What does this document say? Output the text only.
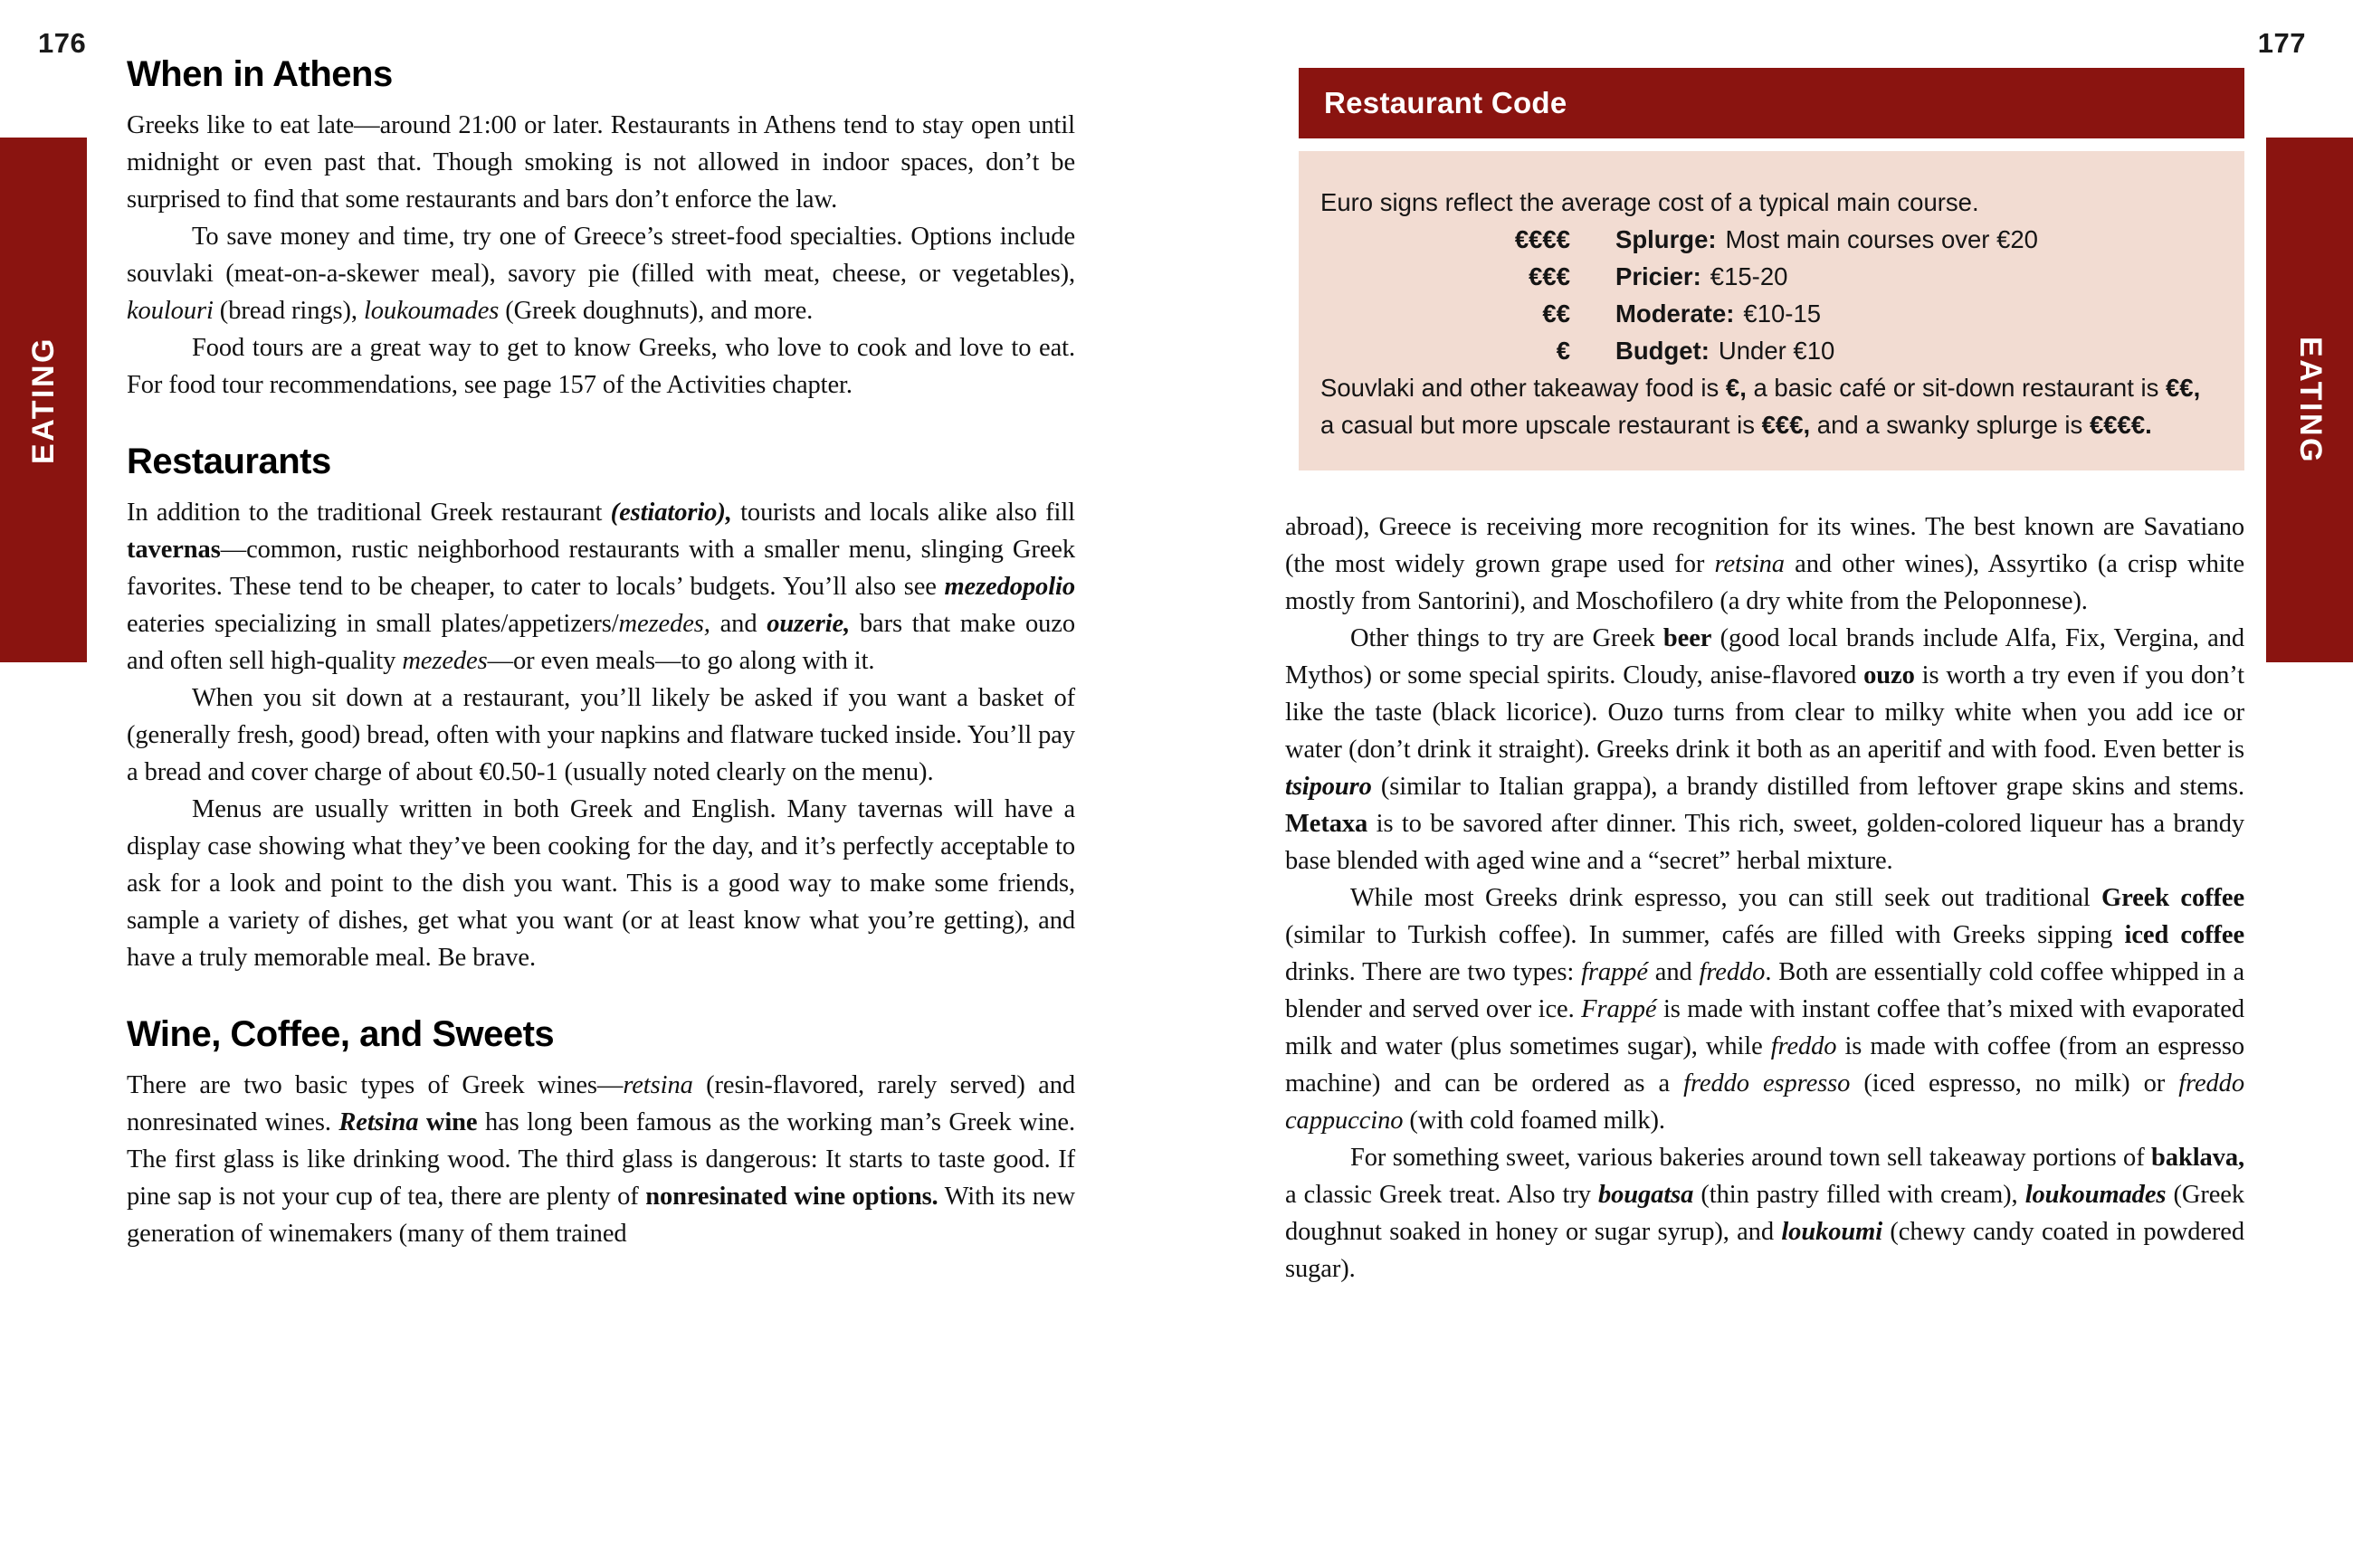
176	177
EATING	EATING
When in Athens

Greeks like to eat late—around 21:00 or later. Restaurants in Athens tend to stay open until midnight or even past that. Though smoking is not allowed in indoor spaces, don’t be surprised to find that some restaurants and bars don’t enforce the law.

To save money and time, try one of Greece’s street-food specialties. Options include souvlaki (meat-on-a-skewer meal), savory pie (filled with meat, cheese, or vegetables), koulouri (bread rings), loukoumades (Greek doughnuts), and more.

Food tours are a great way to get to know Greeks, who love to cook and love to eat. For food tour recommendations, see page 157 of the Activities chapter.

Restaurants

In addition to the traditional Greek restaurant (estiatorio), tourists and locals alike also fill tavernas—common, rustic neighborhood restaurants with a smaller menu, slinging Greek favorites. These tend to be cheaper, to cater to locals’ budgets. You’ll also see mezedopolio eateries specializing in small plates/appetizers/mezedes, and ouzerie, bars that make ouzo and often sell high-quality mezedes—or even meals—to go along with it.

When you sit down at a restaurant, you’ll likely be asked if you want a basket of (generally fresh, good) bread, often with your napkins and flatware tucked inside. You’ll pay a bread and cover charge of about €0.50-1 (usually noted clearly on the menu).

Menus are usually written in both Greek and English. Many tavernas will have a display case showing what they’ve been cooking for the day, and it’s perfectly acceptable to ask for a look and point to the dish you want. This is a good way to make some friends, sample a variety of dishes, get what you want (or at least know what you’re getting), and have a truly memorable meal. Be brave.

Wine, Coffee, and Sweets

There are two basic types of Greek wines—retsina (resin-flavored, rarely served) and nonresinated wines. Retsina wine has long been famous as the working man’s Greek wine. The first glass is like drinking wood. The third glass is dangerous: It starts to taste good. If pine sap is not your cup of tea, there are plenty of nonresinated wine options. With its new generation of winemakers (many of them trained

Restaurant Code

Euro signs reflect the average cost of a typical main course.

€€€€ Splurge: Most main courses over €20
€€€ Pricier: €15-20
€€ Moderate: €10-15
€ Budget: Under €10

Souvlaki and other takeaway food is €, a basic café or sit-down restaurant is €€, a casual but more upscale restaurant is €€€, and a swanky splurge is €€€€.

abroad), Greece is receiving more recognition for its wines. The best known are Savatiano (the most widely grown grape used for retsina and other wines), Assyrtiko (a crisp white mostly from Santorini), and Moschofilero (a dry white from the Peloponnese).

Other things to try are Greek beer (good local brands include Alfa, Fix, Vergina, and Mythos) or some special spirits. Cloudy, anise-flavored ouzo is worth a try even if you don’t like the taste (black licorice). Ouzo turns from clear to milky white when you add ice or water (don’t drink it straight). Greeks drink it both as an aperitif and with food. Even better is tsipouro (similar to Italian grappa), a brandy distilled from leftover grape skins and stems. Metaxa is to be savored after dinner. This rich, sweet, golden-colored liqueur has a brandy base blended with aged wine and a “secret” herbal mixture.

While most Greeks drink espresso, you can still seek out traditional Greek coffee (similar to Turkish coffee). In summer, cafés are filled with Greeks sipping iced coffee drinks. There are two types: frappé and freddo. Both are essentially cold coffee whipped in a blender and served over ice. Frappé is made with instant coffee that’s mixed with evaporated milk and water (plus sometimes sugar), while freddo is made with coffee (from an espresso machine) and can be ordered as a freddo espresso (iced espresso, no milk) or freddo cappuccino (with cold foamed milk).

For something sweet, various bakeries around town sell takeaway portions of baklava, a classic Greek treat. Also try bougatsa (thin pastry filled with cream), loukoumades (Greek doughnut soaked in honey or sugar syrup), and loukoumi (chewy candy coated in powdered sugar).
